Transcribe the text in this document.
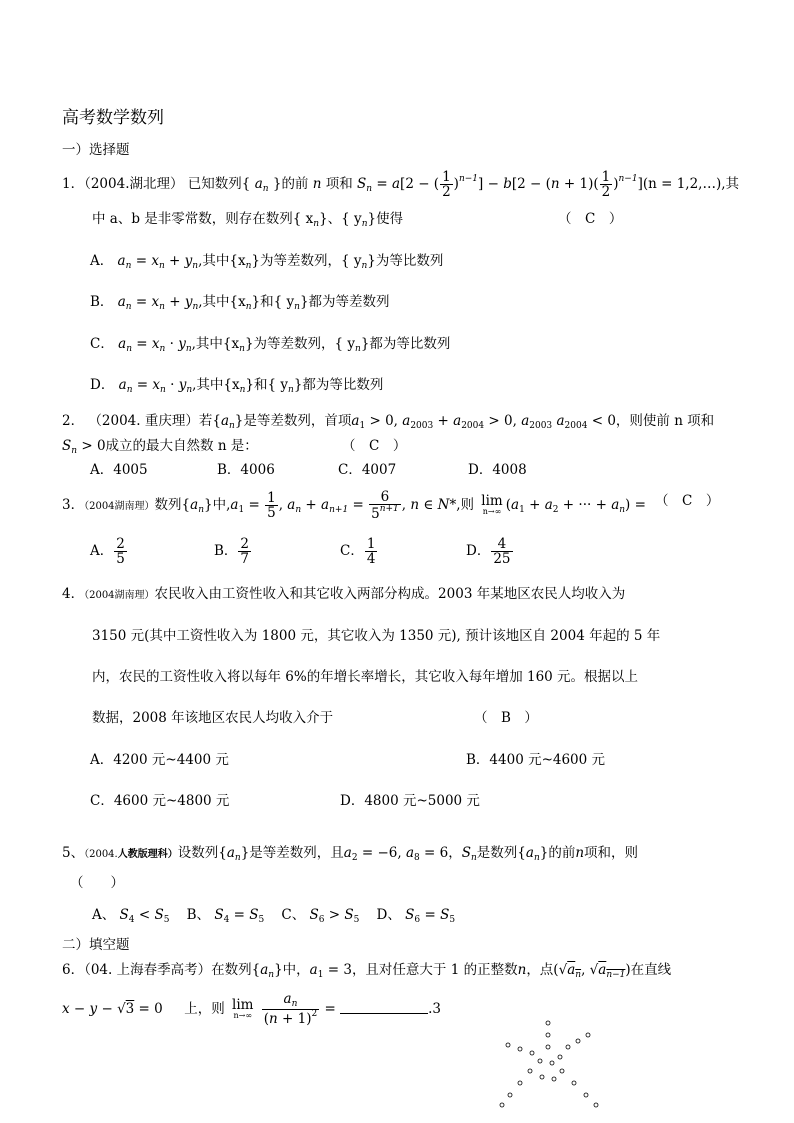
高考数学数列
一）选择题
1．（2004.湖北理） 已知数列{ $a_n$ }的前 n 项和 $S_n = a[2$ − ( $\frac{1}{2} )^{n-1}] - b[2 - (n + 1)( \frac{1}{2} )^{n-1}](n$ = 1,2,…),其
中 a、b 是非零常数，则存在数列{ $x_n$}、{ $y_n$}使得	（　C　）
A． $a_n = x_n + y_n$,其中$\{x_n\}$为等差数列，{ $y_n$}为等比数列
B． $a_n = x_n + y_n$,其中$\{x_n\}$和{ $y_n$}都为等差数列
C． $a_n = x_n \cdot y_n$,其中$\{x_n\}$为等差数列，{ $y_n$}都为等比数列
D． $a_n = x_n \cdot y_n$,其中$\{x_n\}$和{ $y_n$}都为等比数列
2． （2004. 重庆理）若$\{a_n\}$是等差数列，首项$a_1 > 0$, $a_{2003} + a_{2004} > 0$, $a_{2003}$ $a_{2004} < 0$，则使前 n 项和
$S_n > 0$成立的最大自然数 n 是：	（　C　）
A．4005	B．4006	C．4007	D．4008
3．（2004湖南理）数列$\{a_n\}$中$,a_1 = \frac{1}{5}$ , $a_n + a_{n+1} = \frac{6}{5^{n+1}}$ , n ∈ N*,则 lim
n→∞ ($a_1 + a_2$ + ··· + $a_n$) = （　C　）
A． $\frac{2}{5}$	B． $\frac{2}{7}$	C． $\frac{1}{4}$	D． $\frac{4}{25}$
4．（2004湖南理）农民收入由工资性收入和其它收入两部分构成。2003 年某地区农民人均收入为
3150 元(其中工资性收入为 1800 元，其它收入为 1350 元), 预计该地区自 2004 年起的 5 年
内，农民的工资性收入将以每年 6%的年增长率增长，其它收入每年增加 160 元。根据以上
数据，2008 年该地区农民人均收入介于	（　B　）
A．4200 元~4400 元	B．4400 元~4600 元
C．4600 元~4800 元	D．4800 元~5000 元
5、（2004.人教版理科）设数列$\{a_n\}$是等差数列，且$a_2 = -6$, $a_8 = 6$，$S_n$是数列$\{a_n\}$的前n项和，则
（　　）
A、 $S_4 < S_5$ B、 $S_4 = S_5$ C、 $S_6 > S_5$ D、 $S_6 = S_5$
二）填空题
6．（04. 上海春季高考）在数列$\{a_n\}$中，$a_1 = 3$，且对任意大于 1 的正整数n，点($√a_n$, $√a_{n-1}$)在直线
x − y − √3 = 0     上，则 lim
n→∞
$\frac{a_n}{(n + 1)^2}$ =	.3
